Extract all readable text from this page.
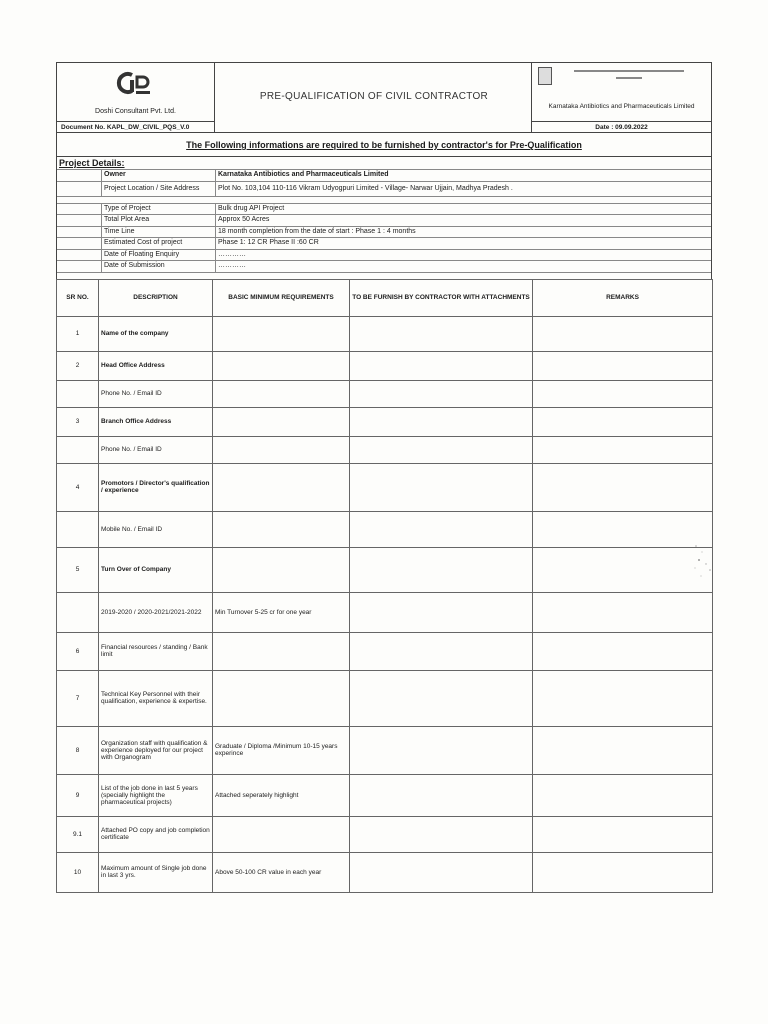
Doshi Consultant Pvt. Ltd.
Document No. KAPL_DW_CIVIL_PQS_V.0
PRE-QUALIFICATION OF CIVIL CONTRACTOR
Karnataka Antibiotics and Pharmaceuticals Limited
Date : 09.09.2022
The Following informations are required to be furnished by contractor's for Pre-Qualification
Project Details:
Owner	Karnataka Antibiotics and Pharmaceuticals Limited
Project Location / Site Address	Plot No. 103,104 110-116 Vikram Udyogpuri Limited - Village- Narwar Ujjain, Madhya Pradesh .
Type of Project	Bulk drug API Project
Total Plot Area	Approx 50 Acres
Time Line	18 month completion from the date of start : Phase 1 : 4 months
Estimated Cost of project	Phase 1: 12 CR Phase II :60 CR
Date of Floating Enquiry	…………
Date of Submission	…………
SR NO.	DESCRIPTION	BASIC MINIMUM REQUIREMENTS	TO BE FURNISH BY CONTRACTOR WITH ATTACHMENTS	REMARKS
1	Name of the company			
2	Head Office Address			
	Phone No. / Email ID			
3	Branch Office Address			
	Phone No. / Email ID			
4	Promotors / Director's qualification / experience			
	Mobile No. / Email ID			
5	Turn Over of Company			
	2019-2020 / 2020-2021/2021-2022	Min Turnover 5-25 cr for one year		
6	Financial resources / standing / Bank limit			
7	Technical Key Personnel with their qualification, experience & expertise.			
8	Organization staff with qualification & experience deployed for our project with Organogram	Graduate / Diploma /Minimum 10-15 years experince		
9	List of the job done in last 5 years (specially highlight the pharmaceutical projects)	Attached seperately highlight		
9.1	Attached PO copy and job completion certificate			
10	Maximum amount of Single job done in last 3 yrs.	Above 50-100 CR value in each year		
